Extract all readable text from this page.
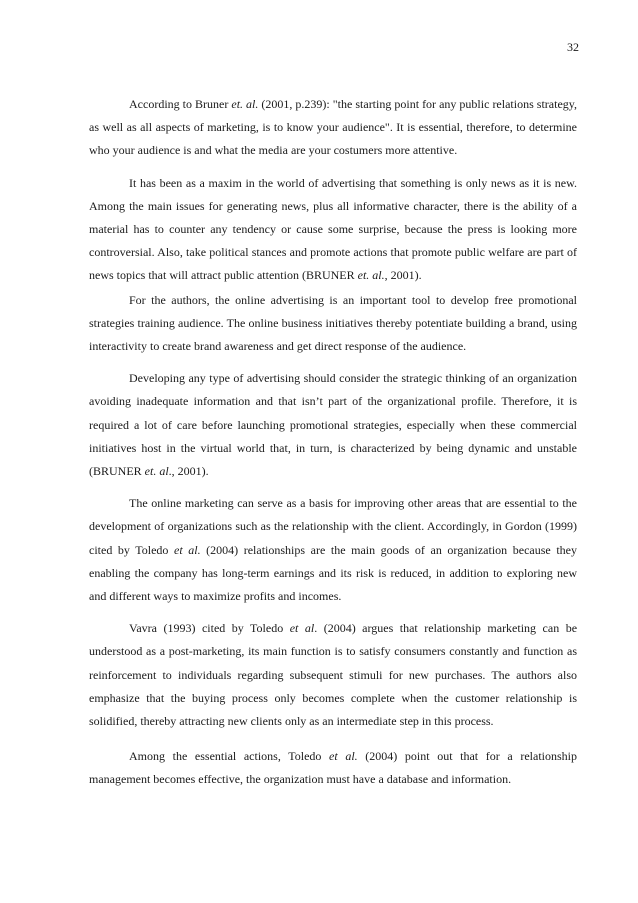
32

According to Bruner et. al. (2001, p.239): "the starting point for any public relations strategy, as well as all aspects of marketing, is to know your audience". It is essential, therefore, to determine who your audience is and what the media are your costumers more attentive.

It has been as a maxim in the world of advertising that something is only news as it is new. Among the main issues for generating news, plus all informative character, there is the ability of a material has to counter any tendency or cause some surprise, because the press is looking more controversial. Also, take political stances and promote actions that promote public welfare are part of news topics that will attract public attention (BRUNER et. al., 2001).

For the authors, the online advertising is an important tool to develop free promotional strategies training audience. The online business initiatives thereby potentiate building a brand, using interactivity to create brand awareness and get direct response of the audience.

Developing any type of advertising should consider the strategic thinking of an organization avoiding inadequate information and that isn’t part of the organizational profile. Therefore, it is required a lot of care before launching promotional strategies, especially when these commercial initiatives host in the virtual world that, in turn, is characterized by being dynamic and unstable (BRUNER et. al., 2001).

The online marketing can serve as a basis for improving other areas that are essential to the development of organizations such as the relationship with the client. Accordingly, in Gordon (1999) cited by Toledo et al. (2004) relationships are the main goods of an organization because they enabling the company has long-term earnings and its risk is reduced, in addition to exploring new and different ways to maximize profits and incomes.

Vavra (1993) cited by Toledo et al. (2004) argues that relationship marketing can be understood as a post-marketing, its main function is to satisfy consumers constantly and function as reinforcement to individuals regarding subsequent stimuli for new purchases. The authors also emphasize that the buying process only becomes complete when the customer relationship is solidified, thereby attracting new clients only as an intermediate step in this process.

Among the essential actions, Toledo et al. (2004) point out that for a relationship management becomes effective, the organization must have a database and information.
